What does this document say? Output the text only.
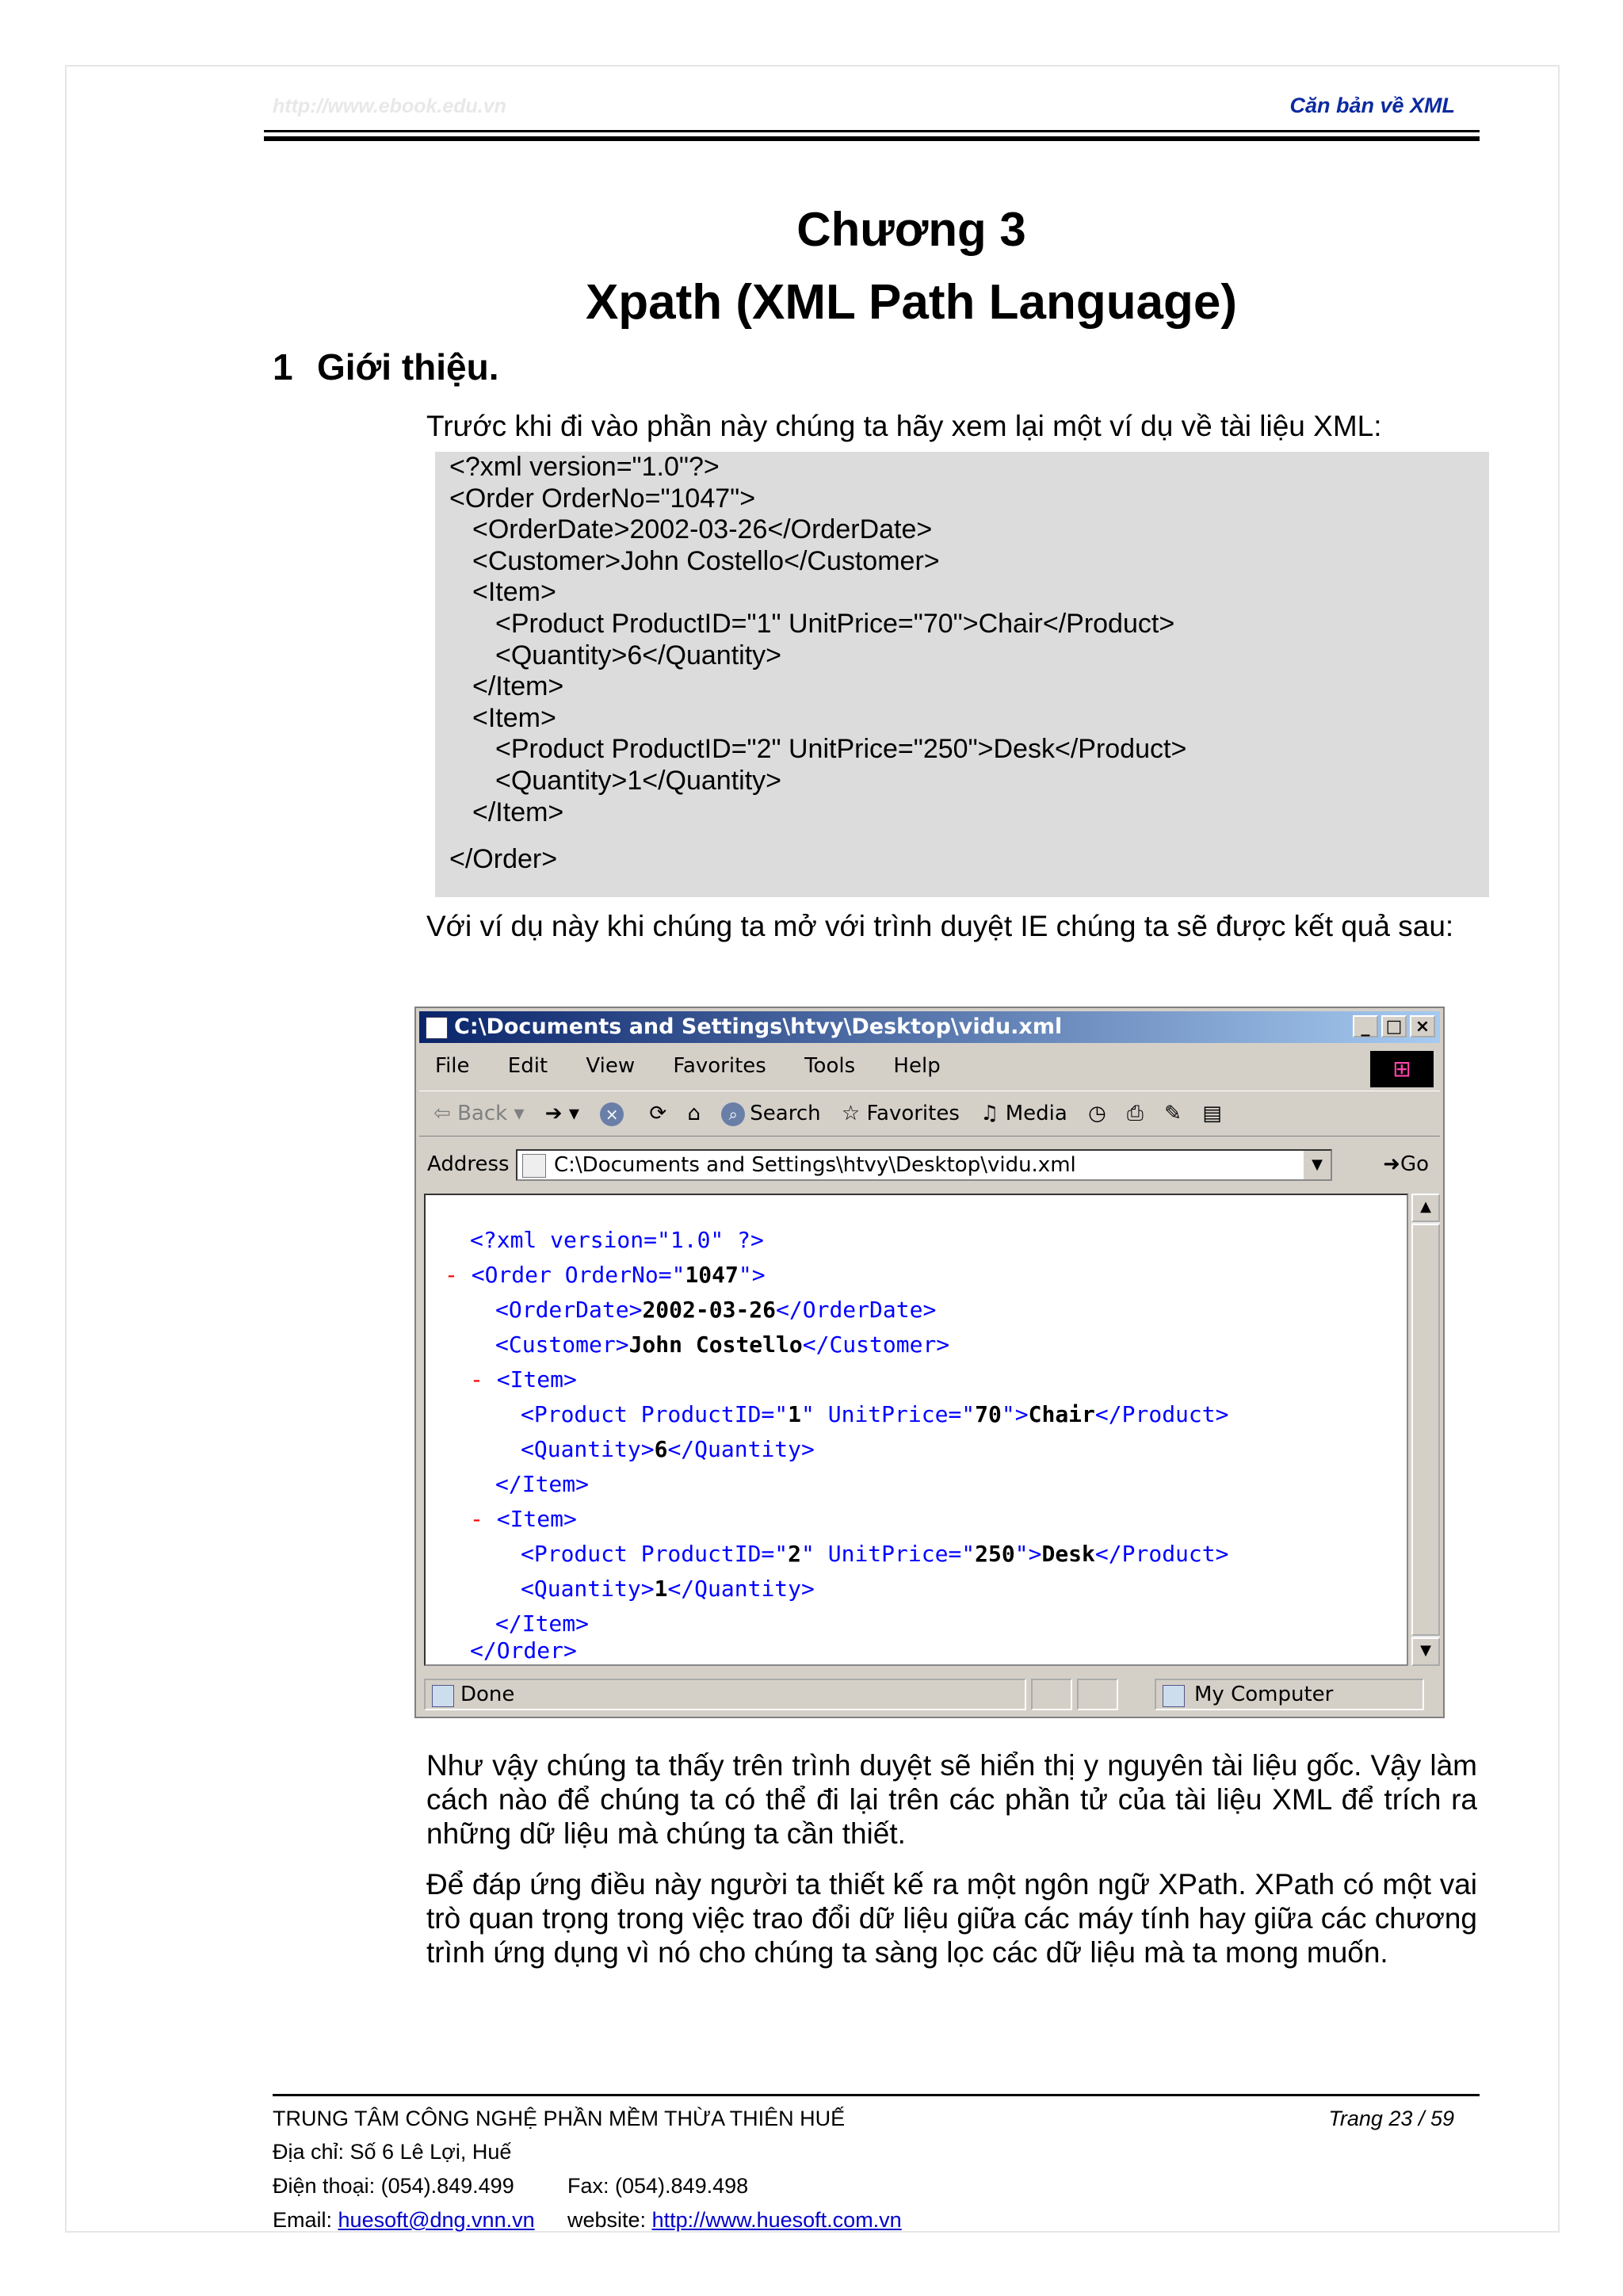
http://www.ebook.edu.vn	Căn bản về XML
Chương 3
Xpath (XML Path Language)
1 Giới thiệu.
Trước khi đi vào phần này chúng ta hãy xem lại một ví dụ về tài liệu XML:
<?xml version="1.0"?>
<Order OrderNo="1047">
<OrderDate>2002-03-26</OrderDate>
<Customer>John Costello</Customer>
<Item>
<Product ProductID="1" UnitPrice="70">Chair</Product>
<Quantity>6</Quantity>
</Item>
<Item>
<Product ProductID="2" UnitPrice="250">Desk</Product>
<Quantity>1</Quantity>
</Item>
</Order>
Với ví dụ này khi chúng ta mở với trình duyệt IE chúng ta sẽ được kết quả sau:
C:\Documents and Settings\htvy\Desktop\vidu.xml	_ □ ×
File Edit View Favorites Tools Help	⊞
⇦ Back ▾ ➔ ▾ × ⟳ ⌂ ⌕ Search ☆ Favorites ♫ Media ◷ ⎙ ✎ ▤
Address	C:\Documents and Settings\htvy\Desktop\vidu.xml	▼	➜Go
<?xml version="1.0" ?>
- <Order OrderNo="1047">
<OrderDate>2002-03-26</OrderDate>
<Customer>John Costello</Customer>
- <Item>
<Product ProductID="1" UnitPrice="70">Chair</Product>
<Quantity>6</Quantity>
</Item>
- <Item>
<Product ProductID="2" UnitPrice="250">Desk</Product>
<Quantity>1</Quantity>
</Item>
</Order>
▲
▼
Done	My Computer
Như vậy chúng ta thấy trên trình duyệt sẽ hiển thị y nguyên tài liệu gốc. Vậy làm cách nào để chúng ta có thể đi lại trên các phần tử của tài liệu XML để trích ra những dữ liệu mà chúng ta cần thiết.
Để đáp ứng điều này người ta thiết kế ra một ngôn ngữ XPath. XPath có một vai trò quan trọng trong việc trao đổi dữ liệu giữa các máy tính hay giữa các chương trình ứng dụng vì nó cho chúng ta sàng lọc các dữ liệu mà ta mong muốn.
TRUNG TÂM CÔNG NGHỆ PHẦN MỀM THỪA THIÊN HUẾ	Trang 23 / 59
Địa chỉ: Số 6 Lê Lợi, Huế
Điện thoại: (054).849.499 Fax: (054).849.498
Email: huesoft@dng.vnn.vn website: http://www.huesoft.com.vn
